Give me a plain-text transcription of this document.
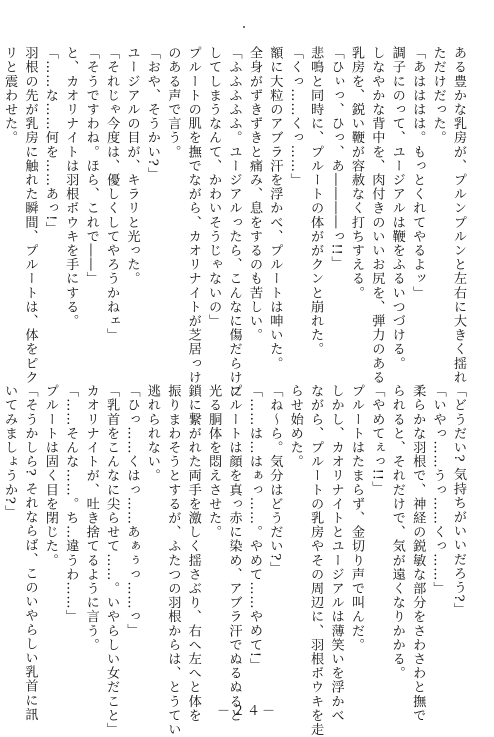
ある豊かな乳房が、プルンプルンと左右に大きく揺れ

ただけだった。

「あはははは。もっとくれてやるよッ」

調子にのって、ユージアルは鞭をふるいつづける。

しなやかな背中を、肉付きのいいお尻を、弾力のある

乳房を、鋭い鞭が容赦なく打ちすえる。

「ひぃっ、ひっ、あ――――っ!!」

悲鳴と同時に、プルートの体ががクンと崩れた。

「くっ……くっ……」

額に大粒のアブラ汗を浮かべ、プルートは呻いた。

全身がずきずきと痛み、息をするのも苦しい。

「ふふふふふ。ユージアルったら、こんなに傷だらけに

してしまうなんて、かわいそうじゃないの」

プルートの肌を撫でながら、カオリナイトが芝居っけ

のある声で言う。

「おや、そうかい?」

ユージアルの目が、キラリと光った。

「それじゃ今度は、優しくしてやろうかねェ」

「そうですわね。ほら、これで――」

と、カオリナイトは羽根ボウキを手にする。

「……な……何を……あっ!」

羽根の先が乳房に触れた瞬間、プルートは、体をピク

リと震わせた。

「どうだい? 気持ちがいいだろう?」

「いやっ……うっ……くっ……」

柔らかな羽根で、神経の鋭敏な部分をさわさわと撫で

られると、それだけで、気が遠くなりかかる。

「やめてぇっ!!」

プルートはたまらず、金切り声で叫んだ。

しかし、カオリナイトとユージアルは薄笑いを浮かべ

ながら、プルートの乳房やその周辺に、羽根ボウキを走

らせ始めた。

「ね～ら。気分はどうだい?」

「……は…はぁっ……。やめて……やめて!」

プルートは顔を真っ赤に染め、アブラ汗でぬるぬると

光る胴体を悶えさせた。

鎖に繋がれた両手を激しく揺さぶり、右へ左へと体を

振りまわそうとするが、ふたつの羽根からは、とうてい

逃れられない。

「ひっ……くはっ……あぁぅっ……っ」

「乳首をこんなに尖らせて……。いやらしい女だこと」

カオリナイトが、吐き捨てるように言う。

「……そんな……。ち…違うわ……」

プルートは固く目を閉じた。

「そうかしら? それならば、このいやらしい乳首に訊

いてみましょうか?」

－２４－
